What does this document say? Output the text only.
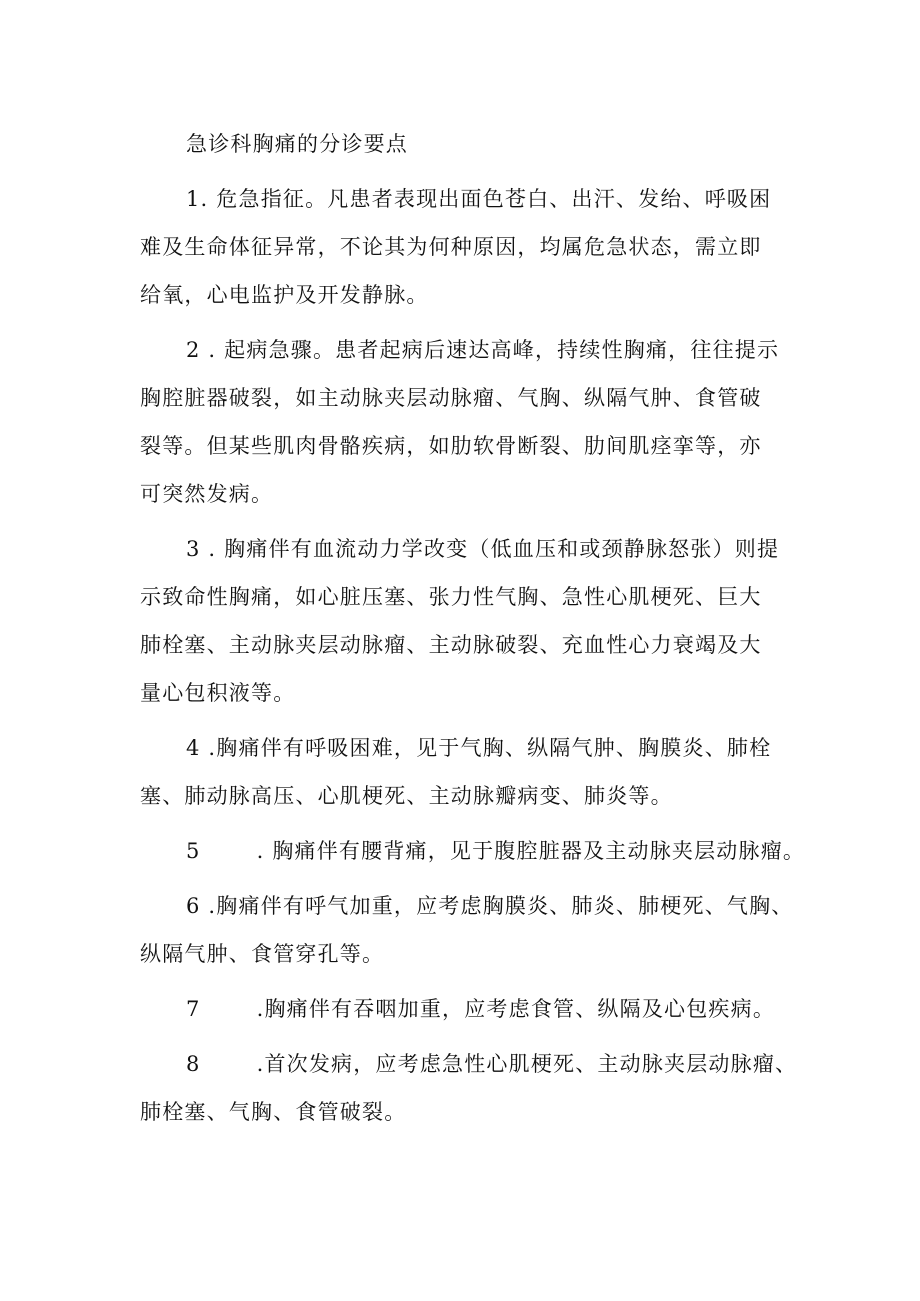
急诊科胸痛的分诊要点
1. 危急指征。凡患者表现出面色苍白、出汗、发绐、呼吸困
难及生命体征异常，不论其为何种原因，均属危急状态，需立即
给氧，心电监护及开发静脉。
2 . 起病急骤。患者起病后速达高峰，持续性胸痛，往往提示
胸腔脏器破裂，如主动脉夹层动脉瘤、气胸、纵隔气肿、食管破
裂等。但某些肌肉骨骼疾病，如肋软骨断裂、肋间肌痉挛等，亦
可突然发病。
3 . 胸痛伴有血流动力学改变（低血压和或颈静脉怒张）则提
示致命性胸痛，如心脏压塞、张力性气胸、急性心肌梗死、巨大
肺栓塞、主动脉夹层动脉瘤、主动脉破裂、充血性心力衰竭及大
量心包积液等。
4 .胸痛伴有呼吸困难，见于气胸、纵隔气肿、胸膜炎、肺栓
塞、肺动脉高压、心肌梗死、主动脉瓣病变、肺炎等。
5	. 胸痛伴有腰背痛，见于腹腔脏器及主动脉夹层动脉瘤。
6 .胸痛伴有呼气加重，应考虑胸膜炎、肺炎、肺梗死、气胸、
纵隔气肿、食管穿孔等。
7	.胸痛伴有吞咽加重，应考虑食管、纵隔及心包疾病。
8	.首次发病，应考虑急性心肌梗死、主动脉夹层动脉瘤、
肺栓塞、气胸、食管破裂。
